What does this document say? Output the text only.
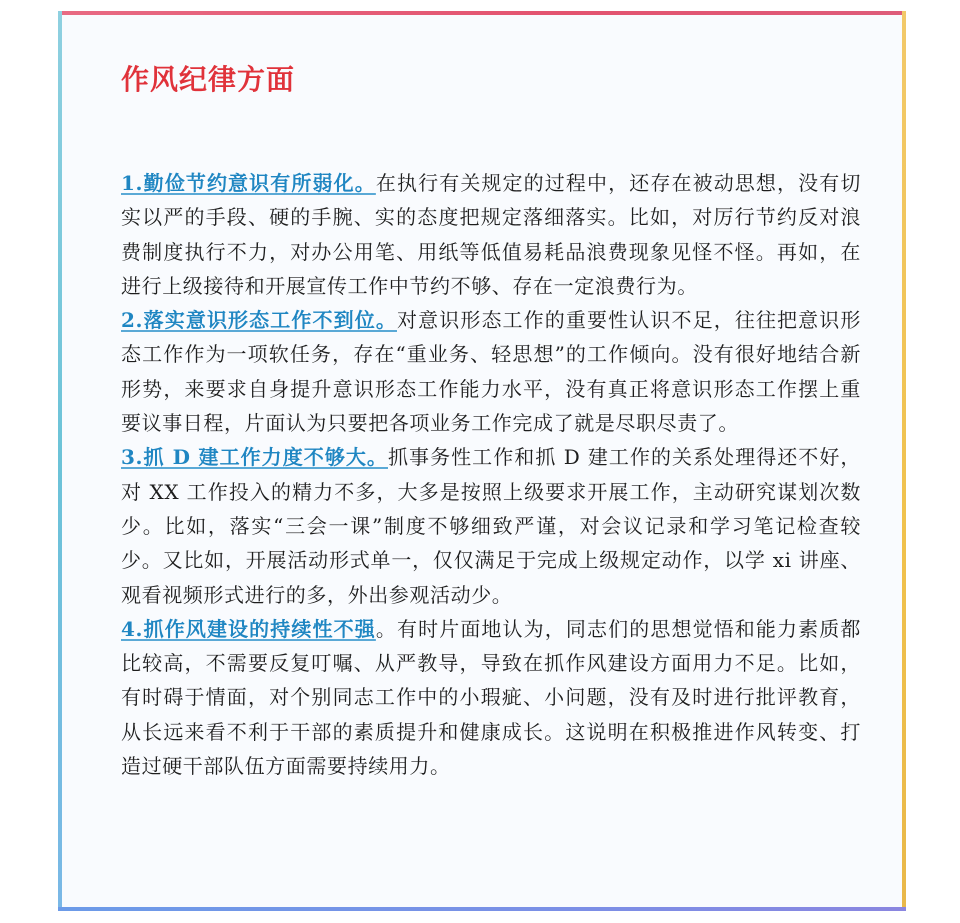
作风纪律方面

1.勤俭节约意识有所弱化。在执行有关规定的过程中，还存在被动思想，没有切实以严的手段、硬的手腕、实的态度把规定落细落实。比如，对厉行节约反对浪费制度执行不力，对办公用笔、用纸等低值易耗品浪费现象见怪不怪。再如，在进行上级接待和开展宣传工作中节约不够、存在一定浪费行为。

2.落实意识形态工作不到位。对意识形态工作的重要性认识不足，往往把意识形态工作作为一项软任务，存在“重业务、轻思想”的工作倾向。没有很好地结合新形势，来要求自身提升意识形态工作能力水平，没有真正将意识形态工作摆上重要议事日程，片面认为只要把各项业务工作完成了就是尽职尽责了。

3.抓 D 建工作力度不够大。抓事务性工作和抓 D 建工作的关系处理得还不好，对 XX 工作投入的精力不多，大多是按照上级要求开展工作，主动研究谋划次数少。比如，落实“三会一课”制度不够细致严谨，对会议记录和学习笔记检查较少。又比如，开展活动形式单一，仅仅满足于完成上级规定动作，以学 xi 讲座、观看视频形式进行的多，外出参观活动少。

4.抓作风建设的持续性不强。有时片面地认为，同志们的思想觉悟和能力素质都比较高，不需要反复叮嘱、从严教导，导致在抓作风建设方面用力不足。比如，有时碍于情面，对个别同志工作中的小瑕疵、小问题，没有及时进行批评教育，从长远来看不利于干部的素质提升和健康成长。这说明在积极推进作风转变、打造过硬干部队伍方面需要持续用力。
